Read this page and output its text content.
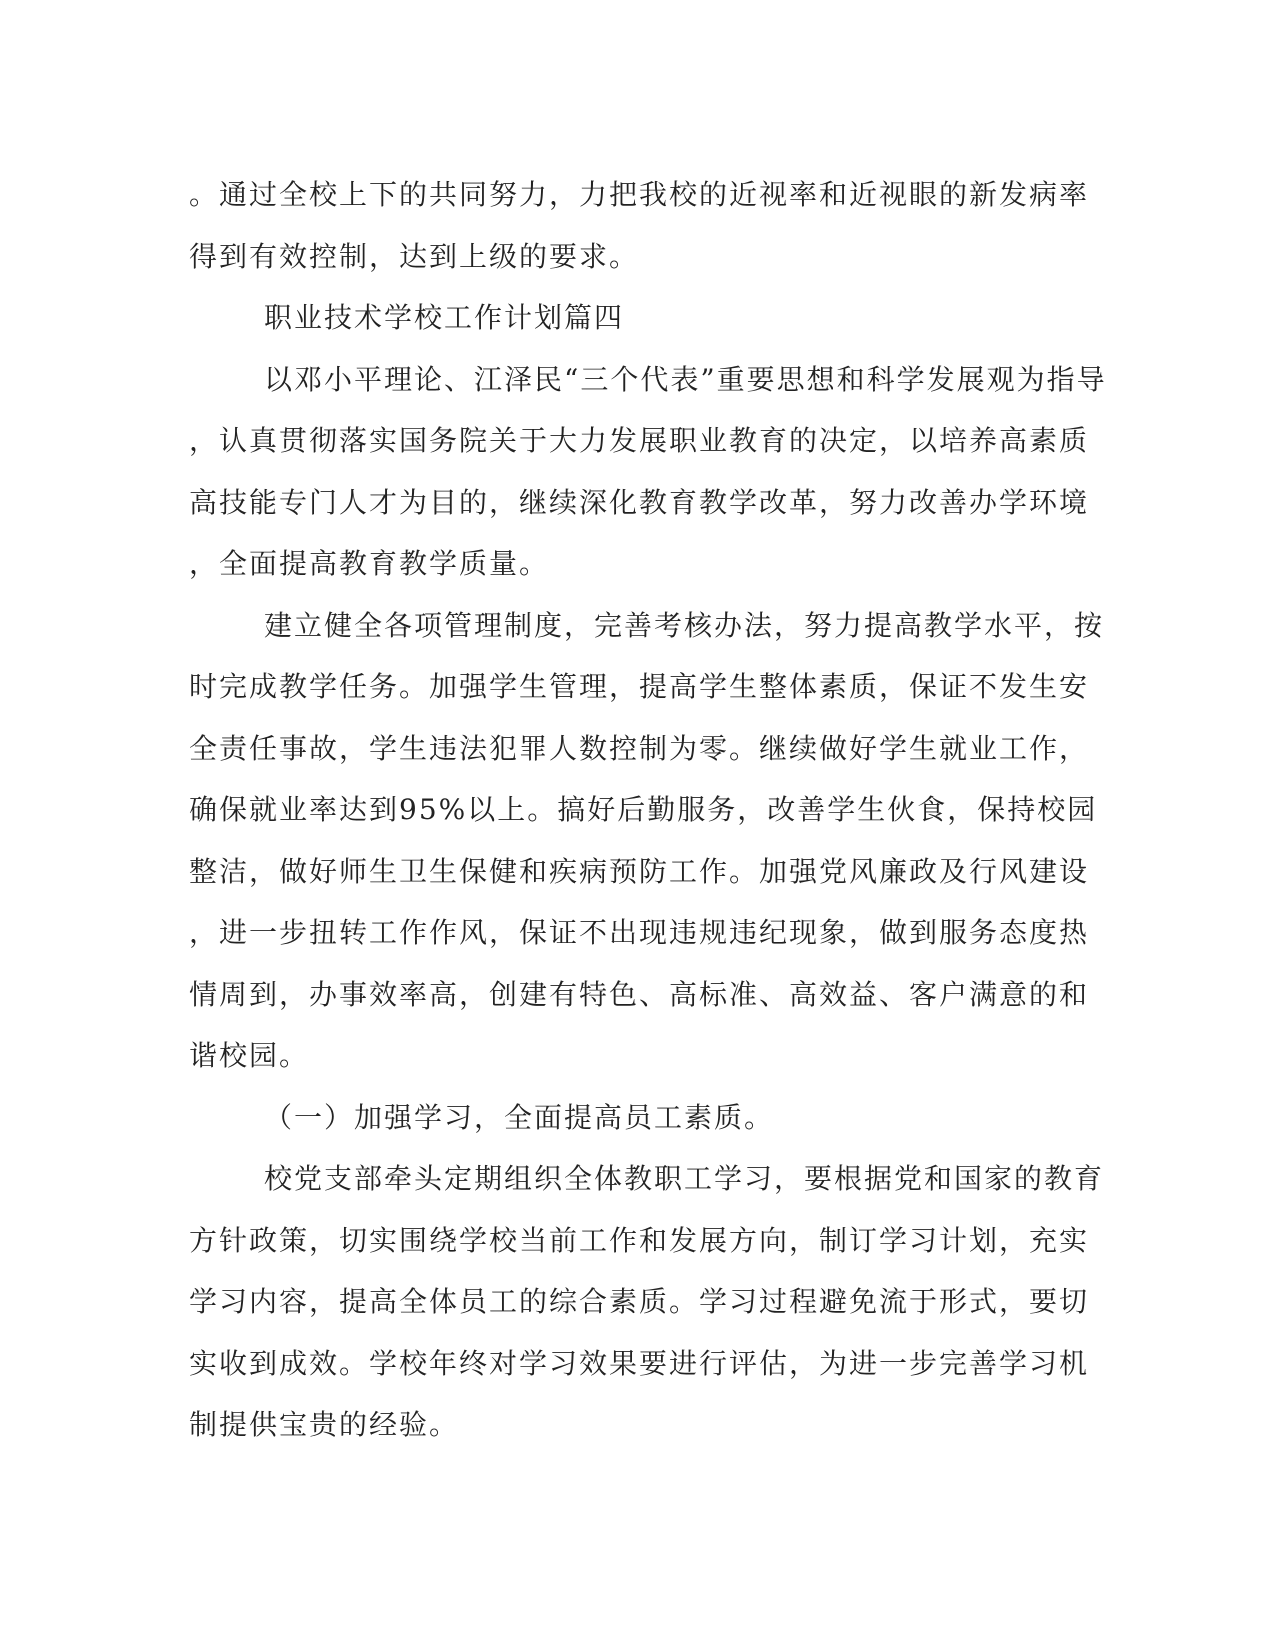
。通过全校上下的共同努力，力把我校的近视率和近视眼的新发病率
得到有效控制，达到上级的要求。
职业技术学校工作计划篇四
以邓小平理论、江泽民“三个代表”重要思想和科学发展观为指导
，认真贯彻落实国务院关于大力发展职业教育的决定，以培养高素质
高技能专门人才为目的，继续深化教育教学改革，努力改善办学环境
，全面提高教育教学质量。
建立健全各项管理制度，完善考核办法，努力提高教学水平，按
时完成教学任务。加强学生管理，提高学生整体素质，保证不发生安
全责任事故，学生违法犯罪人数控制为零。继续做好学生就业工作，
确保就业率达到95%以上。搞好后勤服务，改善学生伙食，保持校园
整洁，做好师生卫生保健和疾病预防工作。加强党风廉政及行风建设
，进一步扭转工作作风，保证不出现违规违纪现象，做到服务态度热
情周到，办事效率高，创建有特色、高标准、高效益、客户满意的和
谐校园。
（一）加强学习，全面提高员工素质。
校党支部牵头定期组织全体教职工学习，要根据党和国家的教育
方针政策，切实围绕学校当前工作和发展方向，制订学习计划，充实
学习内容，提高全体员工的综合素质。学习过程避免流于形式，要切
实收到成效。学校年终对学习效果要进行评估，为进一步完善学习机
制提供宝贵的经验。
